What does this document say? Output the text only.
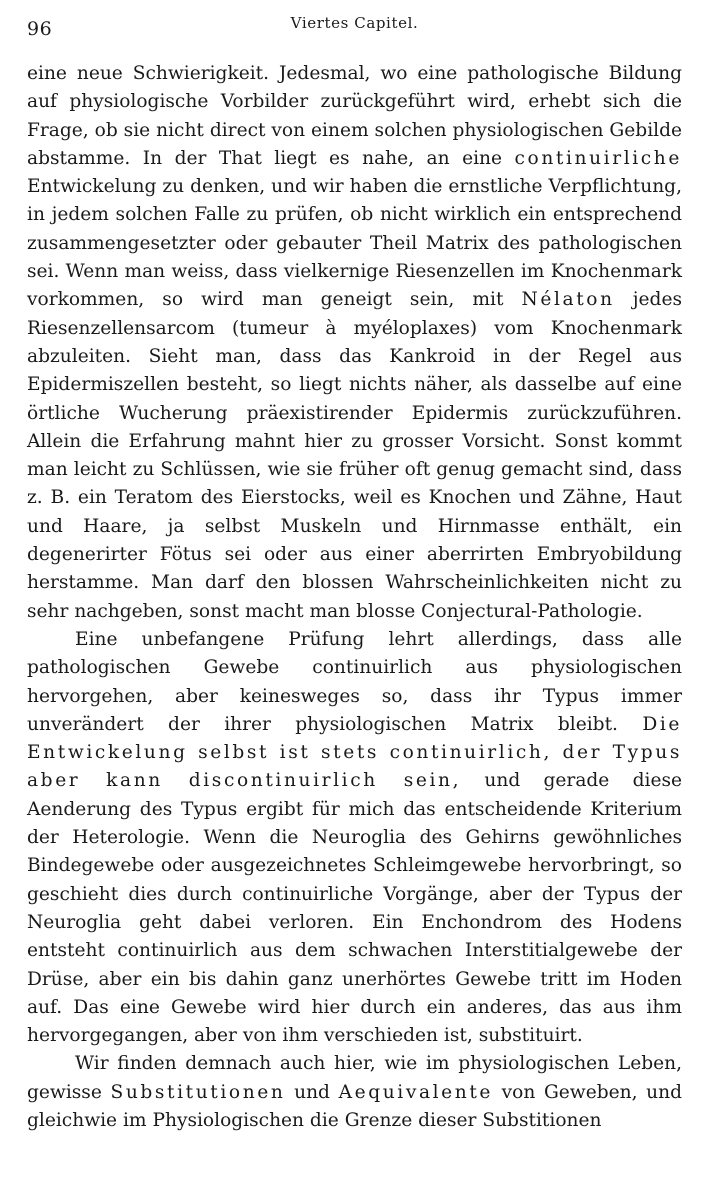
96	Viertes Capitel.

eine neue Schwierigkeit. Jedesmal, wo eine pathologische Bildung auf physiologische Vorbilder zurückgeführt wird, erhebt sich die Frage, ob sie nicht direct von einem solchen physiologischen Gebilde abstamme. In der That liegt es nahe, an eine continuirliche Entwickelung zu denken, und wir haben die ernstliche Verpflichtung, in jedem solchen Falle zu prüfen, ob nicht wirklich ein entsprechend zusammengesetzter oder gebauter Theil Matrix des pathologischen sei. Wenn man weiss, dass vielkernige Riesenzellen im Knochenmark vorkommen, so wird man geneigt sein, mit Nélaton jedes Riesenzellensarcom (tumeur à myéloplaxes) vom Knochenmark abzuleiten. Sieht man, dass das Kankroid in der Regel aus Epidermiszellen besteht, so liegt nichts näher, als dasselbe auf eine örtliche Wucherung präexistirender Epidermis zurückzuführen. Allein die Erfahrung mahnt hier zu grosser Vorsicht. Sonst kommt man leicht zu Schlüssen, wie sie früher oft genug gemacht sind, dass z. B. ein Teratom des Eierstocks, weil es Knochen und Zähne, Haut und Haare, ja selbst Muskeln und Hirnmasse enthält, ein degenerirter Fötus sei oder aus einer aberrirten Embryobildung herstamme. Man darf den blossen Wahrscheinlichkeiten nicht zu sehr nachgeben, sonst macht man blosse Conjectural-Pathologie.

Eine unbefangene Prüfung lehrt allerdings, dass alle pathologischen Gewebe continuirlich aus physiologischen hervorgehen, aber keinesweges so, dass ihr Typus immer unverändert der ihrer physiologischen Matrix bleibt. Die Entwickelung selbst ist stets continuirlich, der Typus aber kann discontinuirlich sein, und gerade diese Aenderung des Typus ergibt für mich das entscheidende Kriterium der Heterologie. Wenn die Neuroglia des Gehirns gewöhnliches Bindegewebe oder ausgezeichnetes Schleimgewebe hervorbringt, so geschieht dies durch continuirliche Vorgänge, aber der Typus der Neuroglia geht dabei verloren. Ein Enchondrom des Hodens entsteht continuirlich aus dem schwachen Interstitialgewebe der Drüse, aber ein bis dahin ganz unerhörtes Gewebe tritt im Hoden auf. Das eine Gewebe wird hier durch ein anderes, das aus ihm hervorgegangen, aber von ihm verschieden ist, substituirt.

Wir finden demnach auch hier, wie im physiologischen Leben, gewisse Substitutionen und Aequivalente von Geweben, und gleichwie im Physiologischen die Grenze dieser Substitionen
